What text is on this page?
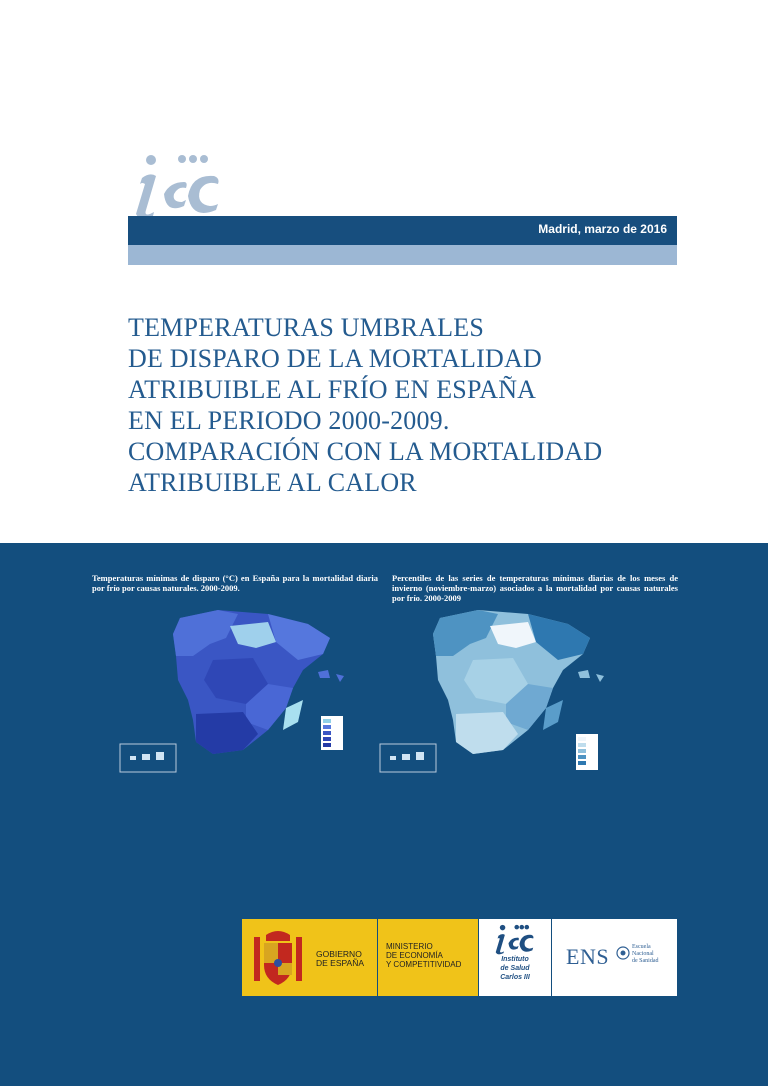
Madrid, marzo de 2016
TEMPERATURAS UMBRALES
DE DISPARO DE LA MORTALIDAD
ATRIBUIBLE AL FRÍO EN ESPAÑA
EN EL PERIODO 2000-2009.
COMPARACIÓN CON LA MORTALIDAD
ATRIBUIBLE AL CALOR
Temperaturas mínimas de disparo (°C) en España para la mortalidad diaria por frío por causas naturales. 2000-2009.
Percentiles de las series de temperaturas mínimas diarias de los meses de invierno (noviembre-marzo) asociados a la mortalidad por causas naturales por frío. 2000-2009
GOBIERNO
DE ESPAÑA
MINISTERIO
DE ECONOMÍA
Y COMPETITIVIDAD
Instituto
de Salud
Carlos III
ENS	Escuela
Nacional
de Sanidad
